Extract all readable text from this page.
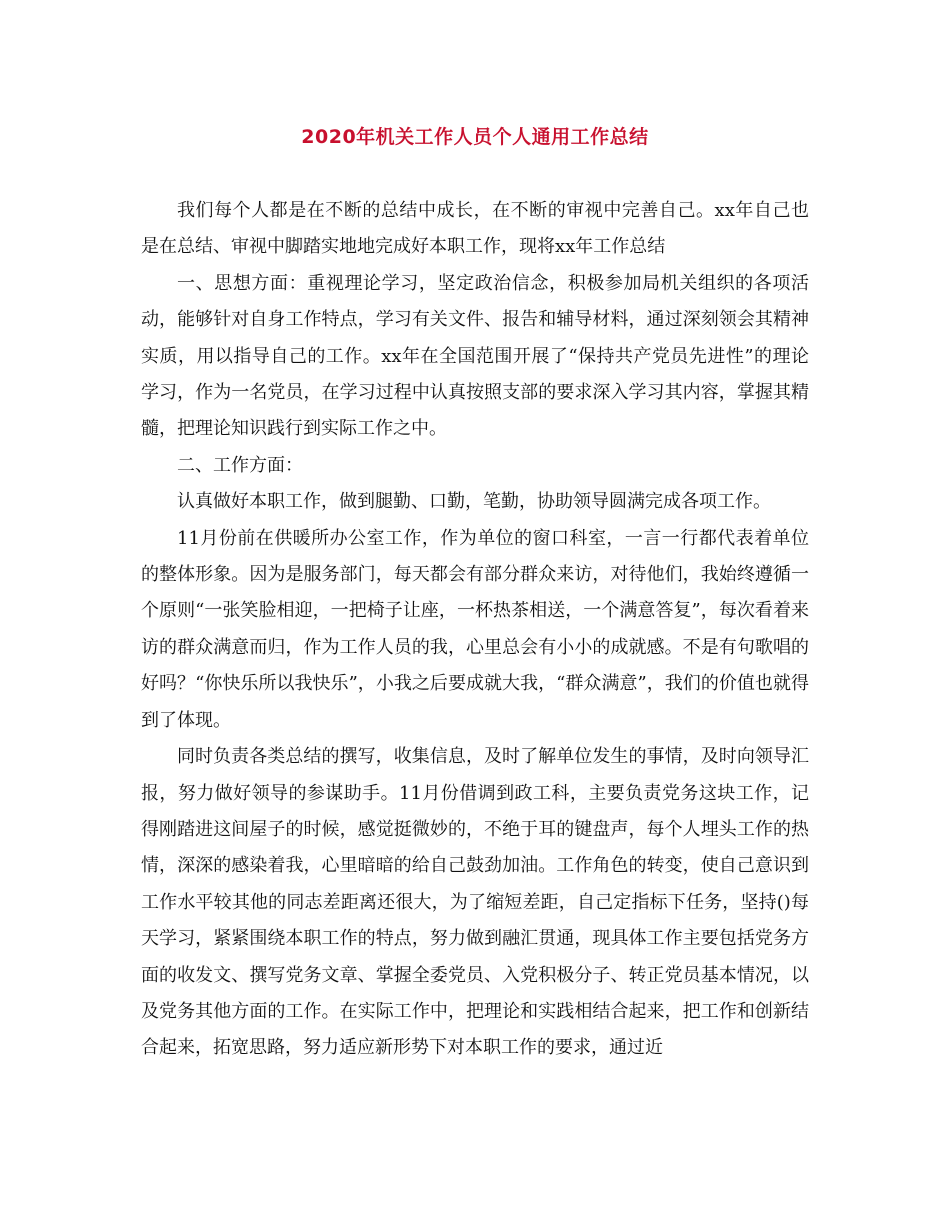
2020年机关工作人员个人通用工作总结

我们每个人都是在不断的总结中成长，在不断的审视中完善自己。xx年自己也是在总结、审视中脚踏实地地完成好本职工作，现将xx年工作总结

一、思想方面：重视理论学习，坚定政治信念，积极参加局机关组织的各项活动，能够针对自身工作特点，学习有关文件、报告和辅导材料，通过深刻领会其精神实质，用以指导自己的工作。xx年在全国范围开展了“保持共产党员先进性”的理论学习，作为一名党员，在学习过程中认真按照支部的要求深入学习其内容，掌握其精髓，把理论知识践行到实际工作之中。

二、工作方面：

认真做好本职工作，做到腿勤、口勤，笔勤，协助领导圆满完成各项工作。

11月份前在供暖所办公室工作，作为单位的窗口科室，一言一行都代表着单位的整体形象。因为是服务部门，每天都会有部分群众来访，对待他们，我始终遵循一个原则“一张笑脸相迎，一把椅子让座，一杯热茶相送，一个满意答复”，每次看着来访的群众满意而归，作为工作人员的我，心里总会有小小的成就感。不是有句歌唱的好吗？“你快乐所以我快乐”，小我之后要成就大我，“群众满意”，我们的价值也就得到了体现。

同时负责各类总结的撰写，收集信息，及时了解单位发生的事情，及时向领导汇报，努力做好领导的参谋助手。11月份借调到政工科，主要负责党务这块工作，记得刚踏进这间屋子的时候，感觉挺微妙的，不绝于耳的键盘声，每个人埋头工作的热情，深深的感染着我，心里暗暗的给自己鼓劲加油。工作角色的转变，使自己意识到工作水平较其他的同志差距离还很大，为了缩短差距，自己定指标下任务，坚持()每天学习，紧紧围绕本职工作的特点，努力做到融汇贯通，现具体工作主要包括党务方面的收发文、撰写党务文章、掌握全委党员、入党积极分子、转正党员基本情况，以及党务其他方面的工作。在实际工作中，把理论和实践相结合起来，把工作和创新结合起来，拓宽思路，努力适应新形势下对本职工作的要求，通过近
